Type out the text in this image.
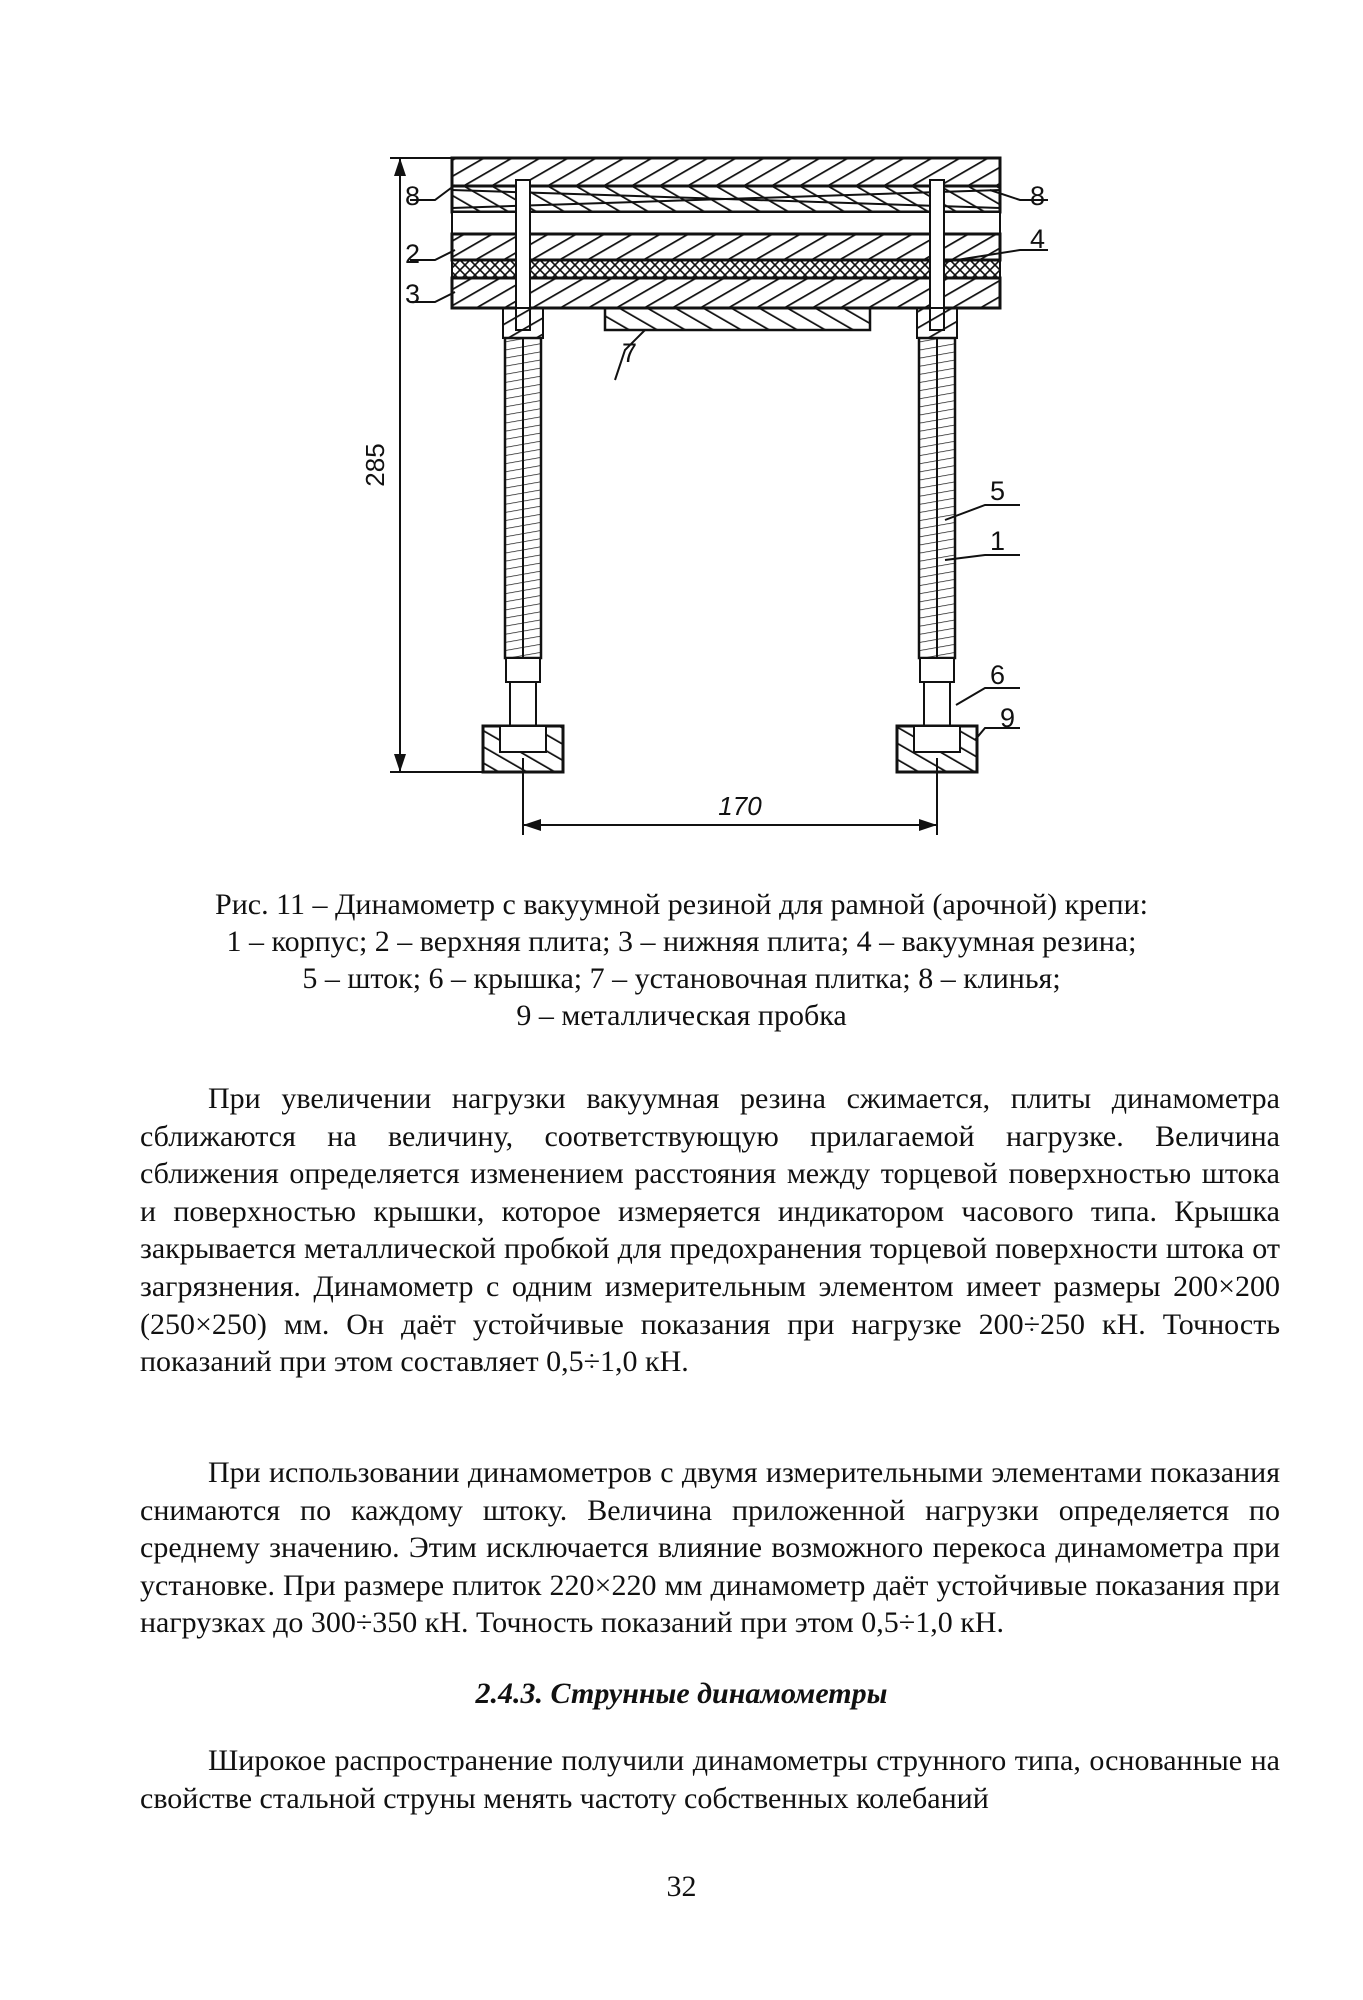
285
170
8
2
3
8
4
5
1
6
9
7
Рис. 11 – Динамометр с вакуумной резиной для рамной (арочной) крепи:
1 – корпус; 2 – верхняя плита; 3 – нижняя плита; 4 – вакуумная резина;
5 – шток; 6 – крышка; 7 – установочная плитка; 8 – клинья;
9 – металлическая пробка

При увеличении нагрузки вакуумная резина сжимается, плиты динамометра сближаются на величину, соответствующую прилагаемой нагрузке. Величина сближения определяется изменением расстояния между торцевой поверхностью штока и поверхностью крышки, которое измеряется индикатором часового типа. Крышка закрывается металлической пробкой для предохранения торцевой поверхности штока от загрязнения. Динамометр с одним измерительным элементом имеет размеры 200×200 (250×250) мм. Он даёт устойчивые показания при нагрузке 200÷250 кН. Точность показаний при этом составляет 0,5÷1,0 кН.

При использовании динамометров с двумя измерительными элементами показания снимаются по каждому штоку. Величина приложенной нагрузки определяется по среднему значению. Этим исключается влияние возможного перекоса динамометра при установке. При размере плиток 220×220 мм динамометр даёт устойчивые показания при нагрузках до 300÷350 кН. Точность показаний при этом 0,5÷1,0 кН.

2.4.3. Струнные динамометры

Широкое распространение получили динамометры струнного типа, основанные на свойстве стальной струны менять частоту собственных колебаний

32
